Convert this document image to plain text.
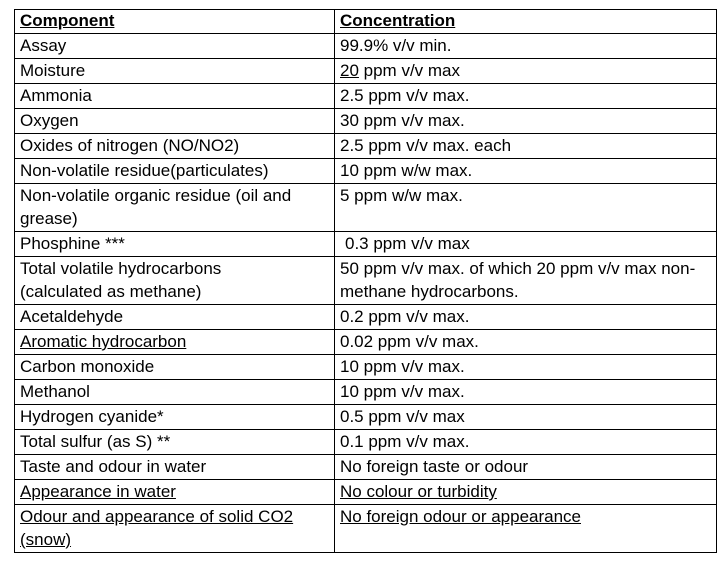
Component	Concentration
Assay	99.9% v/v min.
Moisture	20 ppm v/v max
Ammonia	2.5 ppm v/v max.
Oxygen	30 ppm v/v max.
Oxides of nitrogen (NO/NO2)	2.5 ppm v/v max. each
Non-volatile residue(particulates)	10 ppm w/w max.
Non-volatile organic residue (oil and grease)	5 ppm w/w max.
Phosphine ***	0.3 ppm v/v max
Total volatile hydrocarbons (calculated as methane)	50 ppm v/v max. of which 20 ppm v/v max non-methane hydrocarbons.
Acetaldehyde	0.2 ppm v/v max.
Aromatic hydrocarbon	0.02 ppm v/v max.
Carbon monoxide	10 ppm v/v max.
Methanol	10 ppm v/v max.
Hydrogen cyanide*	0.5 ppm v/v max
Total sulfur (as S) **	0.1 ppm v/v max.
Taste and odour in water	No foreign taste or odour
Appearance in water	No colour or turbidity
Odour and appearance of solid CO2 (snow)	No foreign odour or appearance
